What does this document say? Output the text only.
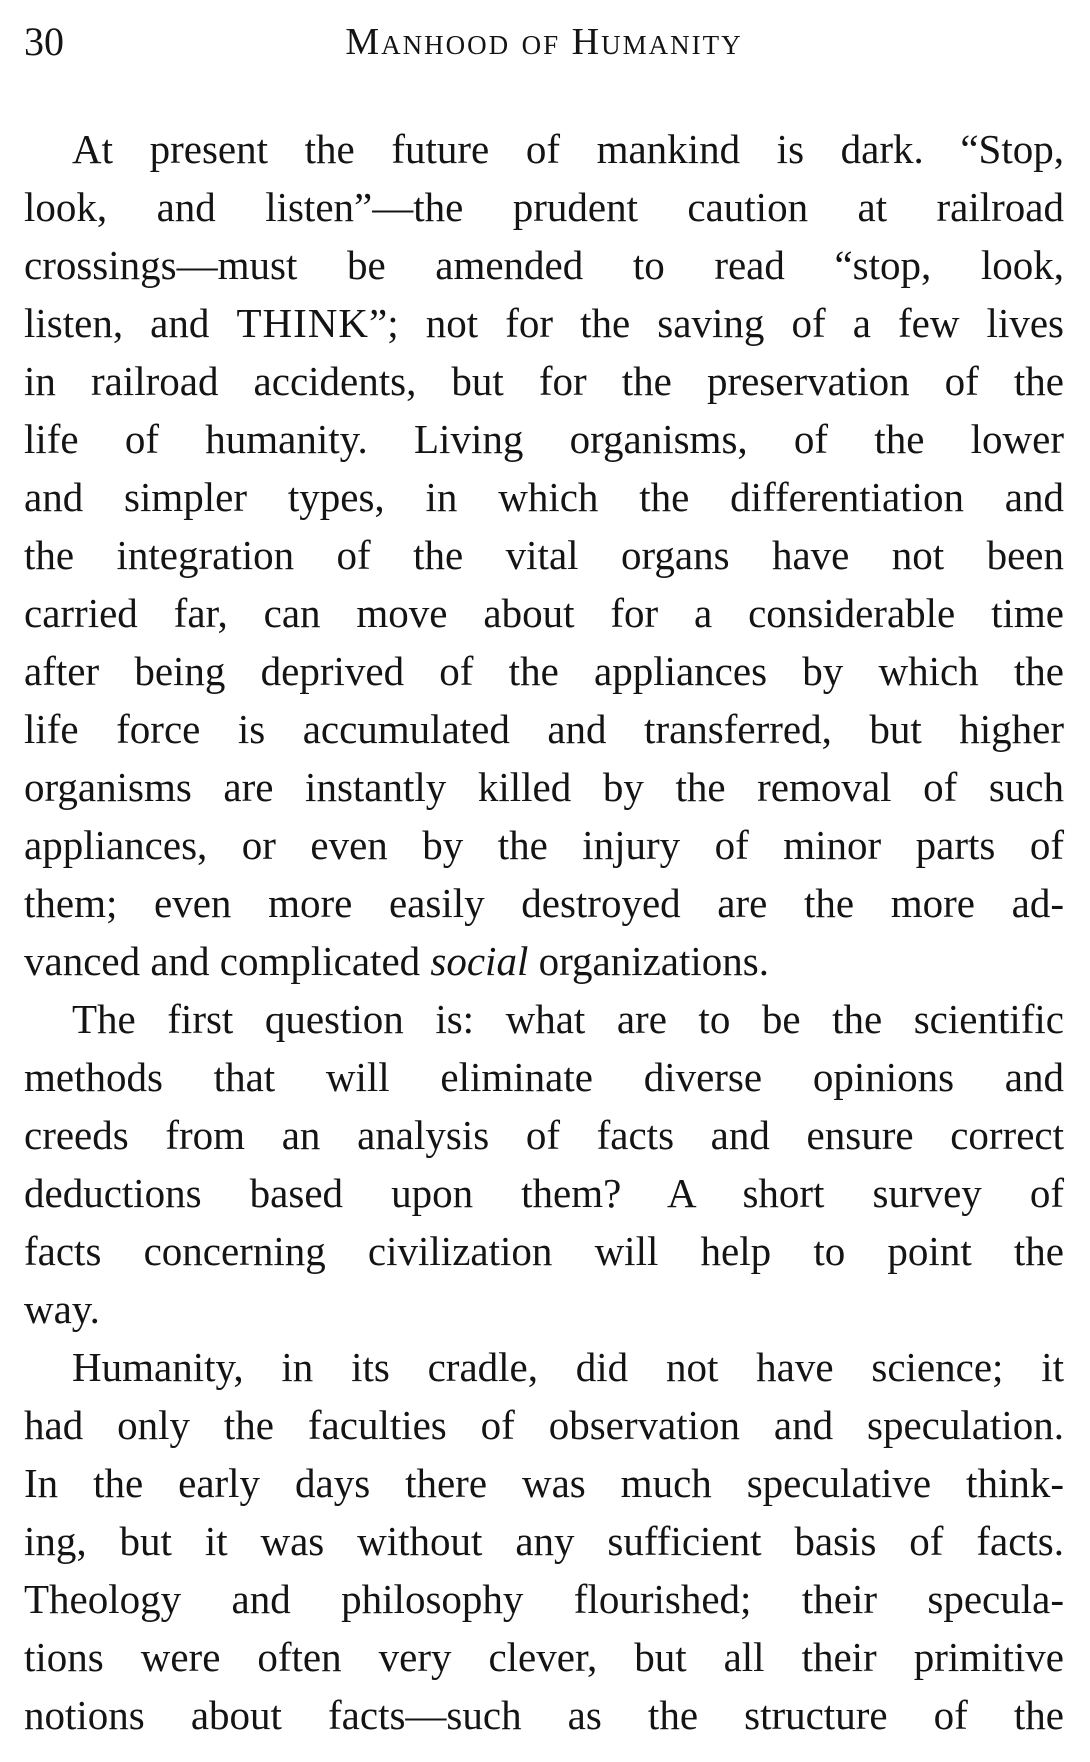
30	Manhood of Humanity
At present the future of mankind is dark. “Stop,
look, and listen”—the prudent caution at railroad
crossings—must be amended to read “stop, look,
listen, and THINK”; not for the saving of a few lives
in railroad accidents, but for the preservation of the
life of humanity. Living organisms, of the lower
and simpler types, in which the differentiation and
the integration of the vital organs have not been
carried far, can move about for a considerable time
after being deprived of the appliances by which the
life force is accumulated and transferred, but higher
organisms are instantly killed by the removal of such
appliances, or even by the injury of minor parts of
them; even more easily destroyed are the more ad-
vanced and complicated social organizations.
The first question is: what are to be the scientific
methods that will eliminate diverse opinions and
creeds from an analysis of facts and ensure correct
deductions based upon them? A short survey of
facts concerning civilization will help to point the
way.
Humanity, in its cradle, did not have science; it
had only the faculties of observation and speculation.
In the early days there was much speculative think-
ing, but it was without any sufficient basis of facts.
Theology and philosophy flourished; their specula-
tions were often very clever, but all their primitive
notions about facts—such as the structure of the
